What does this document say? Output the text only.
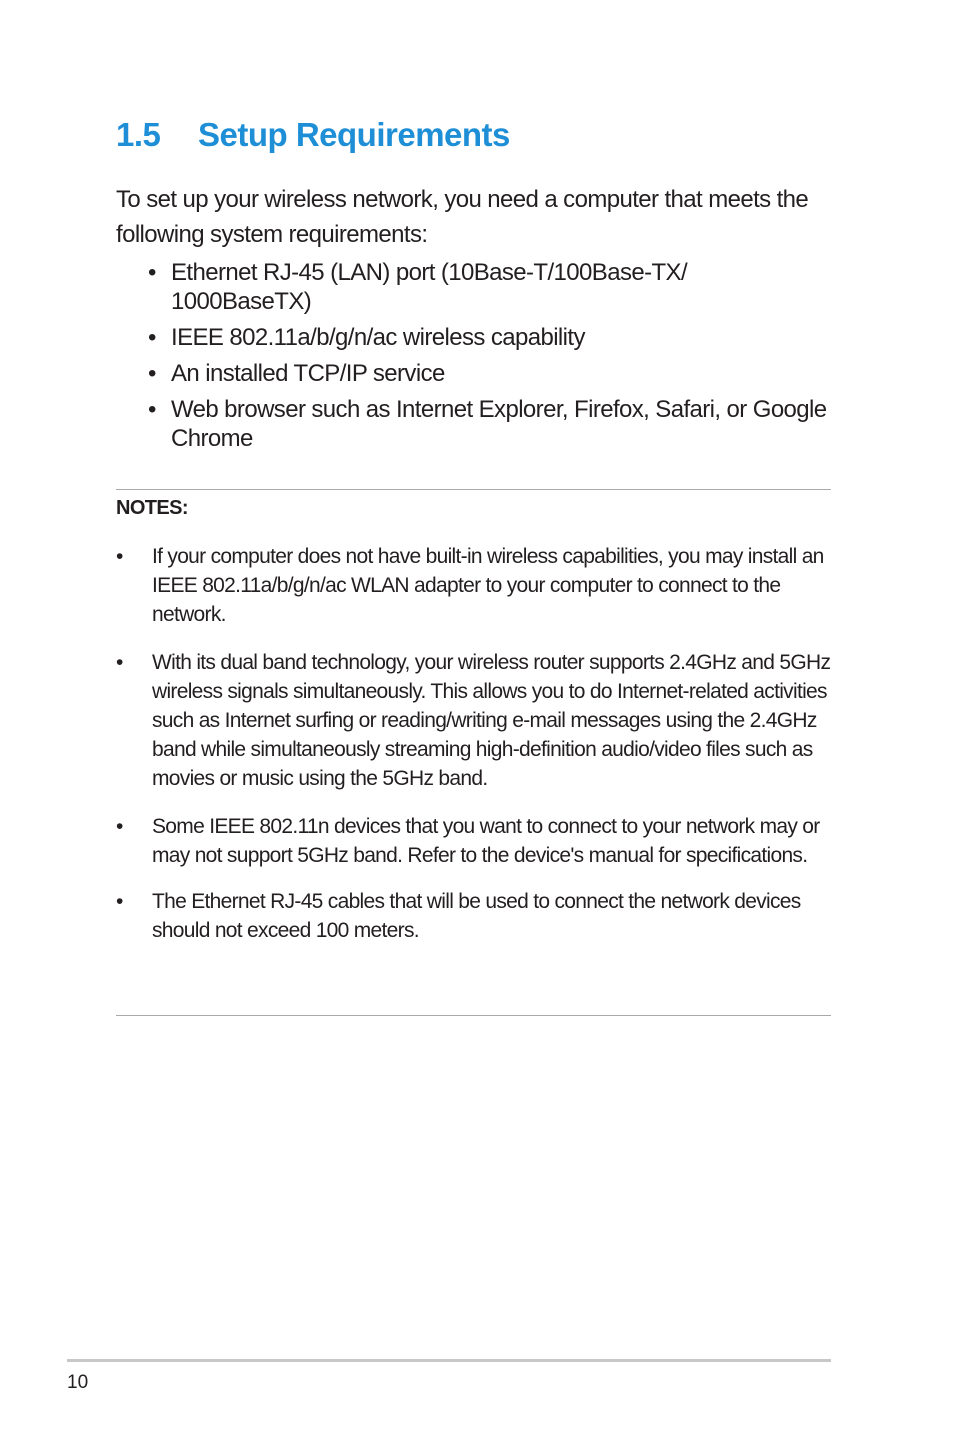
1.5 Setup Requirements

To set up your wireless network, you need a computer that meets the following system requirements:

• Ethernet RJ-45 (LAN) port (10Base-T/100Base-TX/ 1000BaseTX)
• IEEE 802.11a/b/g/n/ac wireless capability
• An installed TCP/IP service
• Web browser such as Internet Explorer, Firefox, Safari, or Google Chrome

NOTES:

• If your computer does not have built-in wireless capabilities, you may install an IEEE 802.11a/b/g/n/ac WLAN adapter to your computer to connect to the network.
• With its dual band technology, your wireless router supports 2.4GHz and 5GHz wireless signals simultaneously. This allows you to do Internet-related activities such as Internet surfing or reading/writing e-mail messages using the 2.4GHz band while simultaneously streaming high-definition audio/video files such as movies or music using the 5GHz band.
• Some IEEE 802.11n devices that you want to connect to your network may or may not support 5GHz band. Refer to the device's manual for specifications.
• The Ethernet RJ-45 cables that will be used to connect the network devices should not exceed 100 meters.
10
